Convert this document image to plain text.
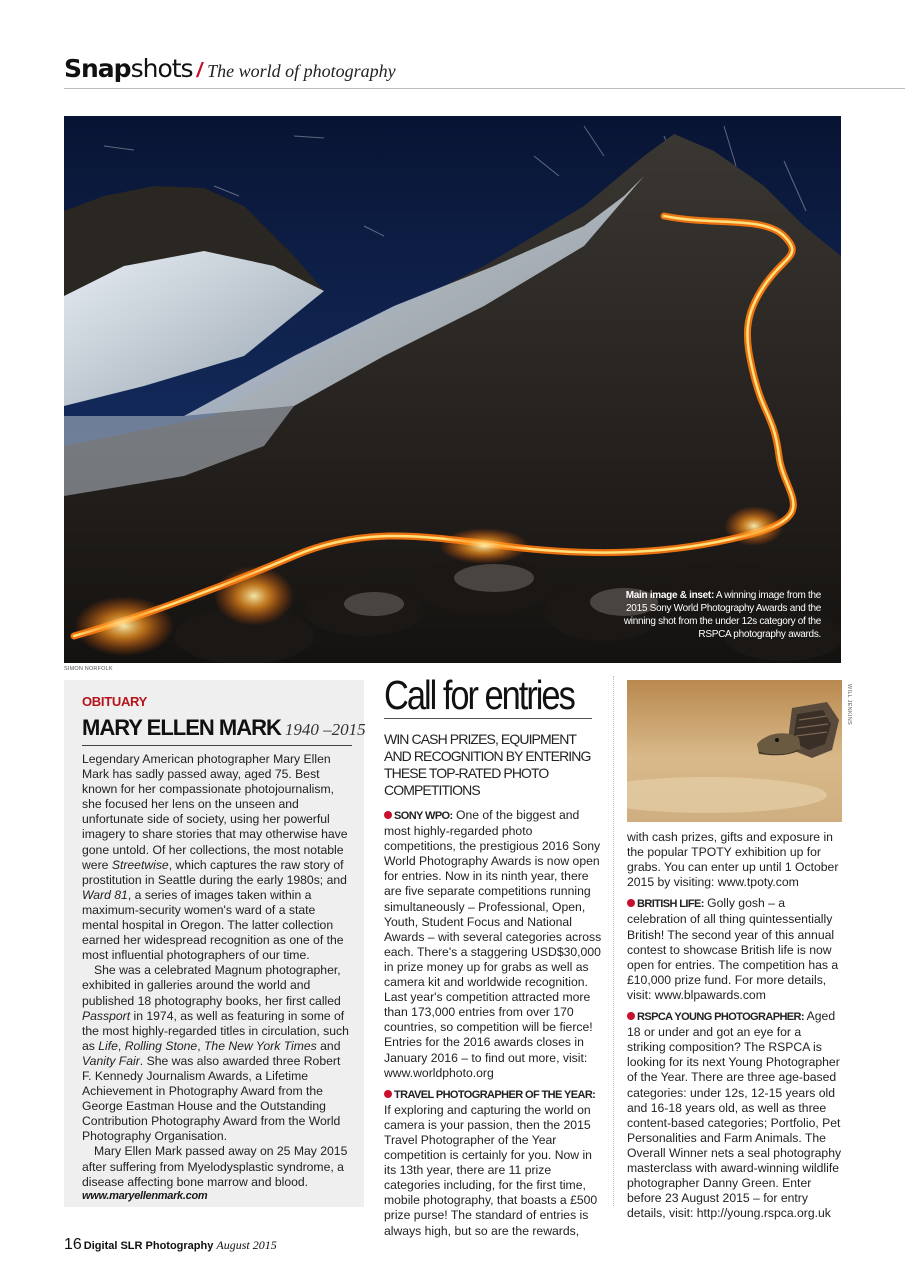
Snapshots / The world of photography
Main image & inset: A winning image from the 2015 Sony World Photography Awards and the winning shot from the under 12s category of the RSPCA photography awards.
SIMON NORFOLK
WILL JENKINS
OBITUARY
MARY ELLEN MARK 1940 –2015

Legendary American photographer Mary Ellen Mark has sadly passed away, aged 75. Best known for her compassionate photojournalism, she focused her lens on the unseen and unfortunate side of society, using her powerful imagery to share stories that may otherwise have gone untold. Of her collections, the most notable were Streetwise, which captures the raw story of prostitution in Seattle during the early 1980s; and Ward 81, a series of images taken within a maximum-security women's ward of a state mental hospital in Oregon. The latter collection earned her widespread recognition as one of the most influential photographers of our time.

She was a celebrated Magnum photographer, exhibited in galleries around the world and published 18 photography books, her first called Passport in 1974, as well as featuring in some of the most highly-regarded titles in circulation, such as Life, Rolling Stone, The New York Times and Vanity Fair. She was also awarded three Robert F. Kennedy Journalism Awards, a Lifetime Achievement in Photography Award from the George Eastman House and the Outstanding Contribution Photography Award from the World Photography Organisation.

Mary Ellen Mark passed away on 25 May 2015 after suffering from Myelodysplastic syndrome, a disease affecting bone marrow and blood.

www.maryellenmark.com
Call for entries
WIN CASH PRIZES, EQUIPMENT AND RECOGNITION BY ENTERING THESE TOP-RATED PHOTO COMPETITIONS

SONY WPO: One of the biggest and most highly-regarded photo competitions, the prestigious 2016 Sony World Photography Awards is now open for entries. Now in its ninth year, there are five separate competitions running simultaneously – Professional, Open, Youth, Student Focus and National Awards – with several categories across each. There's a staggering USD$30,000 in prize money up for grabs as well as camera kit and worldwide recognition. Last year's competition attracted more than 173,000 entries from over 170 countries, so competition will be fierce! Entries for the 2016 awards closes in January 2016 – to find out more, visit: www.worldphoto.org

TRAVEL PHOTOGRAPHER OF THE YEAR: If exploring and capturing the world on camera is your passion, then the 2015 Travel Photographer of the Year competition is certainly for you. Now in its 13th year, there are 11 prize categories including, for the first time, mobile photography, that boasts a £500 prize purse! The standard of entries is always high, but so are the rewards,

with cash prizes, gifts and exposure in the popular TPOTY exhibition up for grabs. You can enter up until 1 October 2015 by visiting: www.tpoty.com

BRITISH LIFE: Golly gosh – a celebration of all thing quintessentially British! The second year of this annual contest to showcase British life is now open for entries. The competition has a £10,000 prize fund. For more details, visit: www.blpawards.com

RSPCA YOUNG PHOTOGRAPHER: Aged 18 or under and got an eye for a striking composition? The RSPCA is looking for its next Young Photographer of the Year. There are three age-based categories: under 12s, 12-15 years old and 16-18 years old, as well as three content-based categories; Portfolio, Pet Personalities and Farm Animals. The Overall Winner nets a seal photography masterclass with award-winning wildlife photographer Danny Green. Enter before 23 August 2015 – for entry details, visit: http://young.rspca.org.uk

16 Digital SLR Photography August 2015
